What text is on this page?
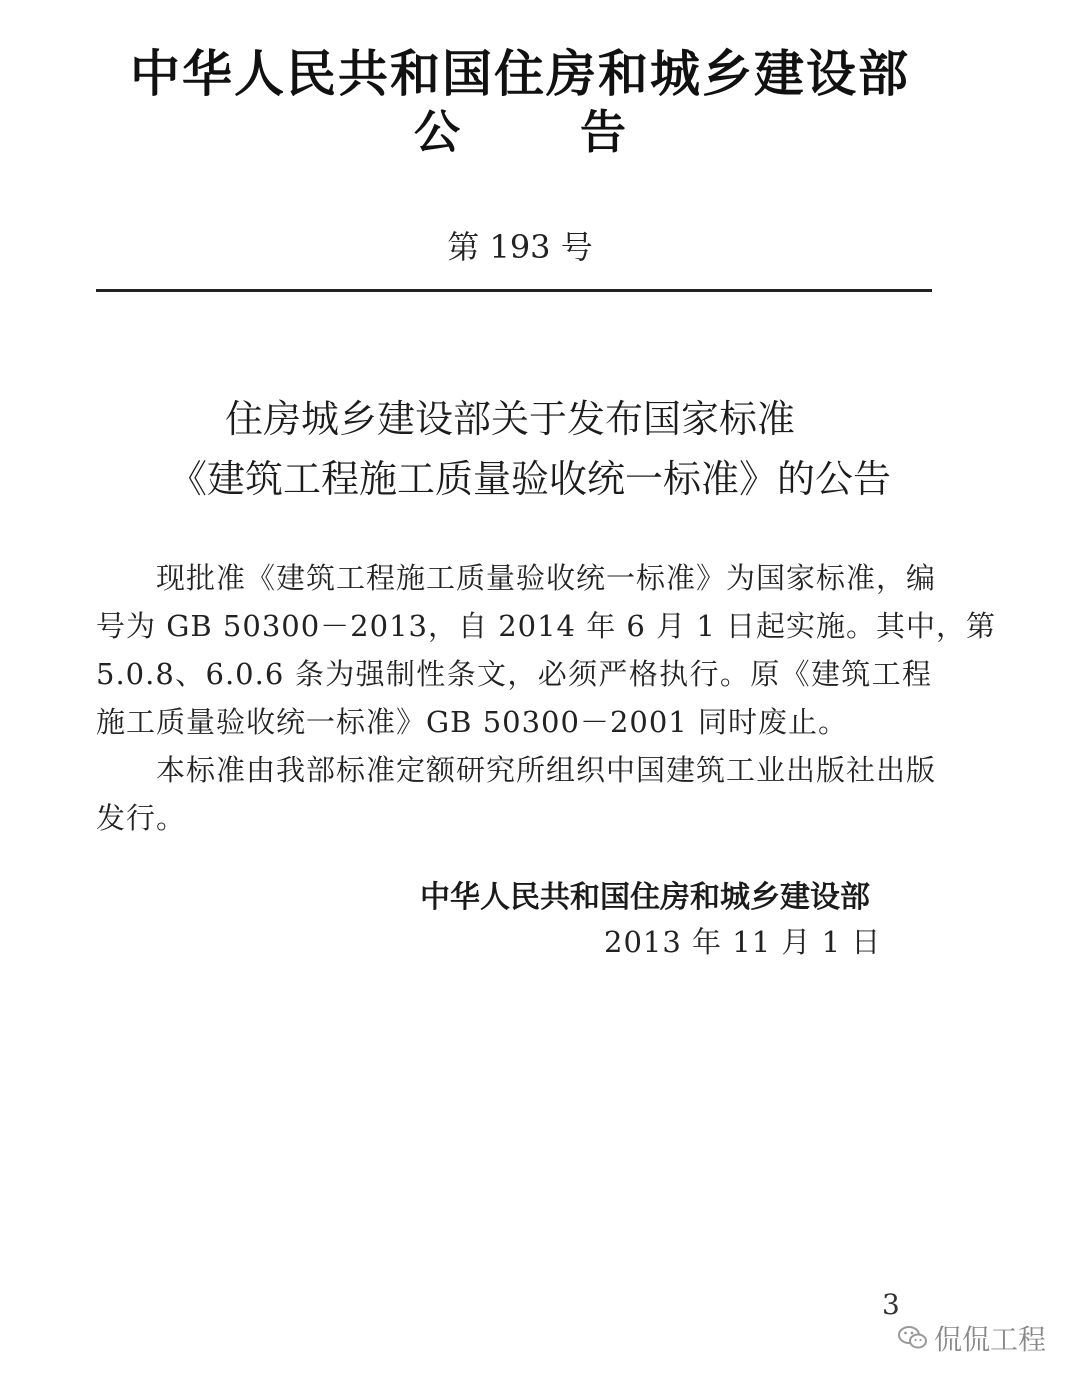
中华人民共和国住房和城乡建设部
公告
第 193 号
住房城乡建设部关于发布国家标准
《建筑工程施工质量验收统一标准》的公告
现批准《建筑工程施工质量验收统一标准》为国家标准，编
号为 GB 50300－2013，自 2014 年 6 月 1 日起实施。其中，第
5.0.8、6.0.6 条为强制性条文，必须严格执行。原《建筑工程
施工质量验收统一标准》GB 50300－2001 同时废止。
本标准由我部标准定额研究所组织中国建筑工业出版社出版
发行。
中华人民共和国住房和城乡建设部
2013 年 11 月 1 日
3
侃侃工程
